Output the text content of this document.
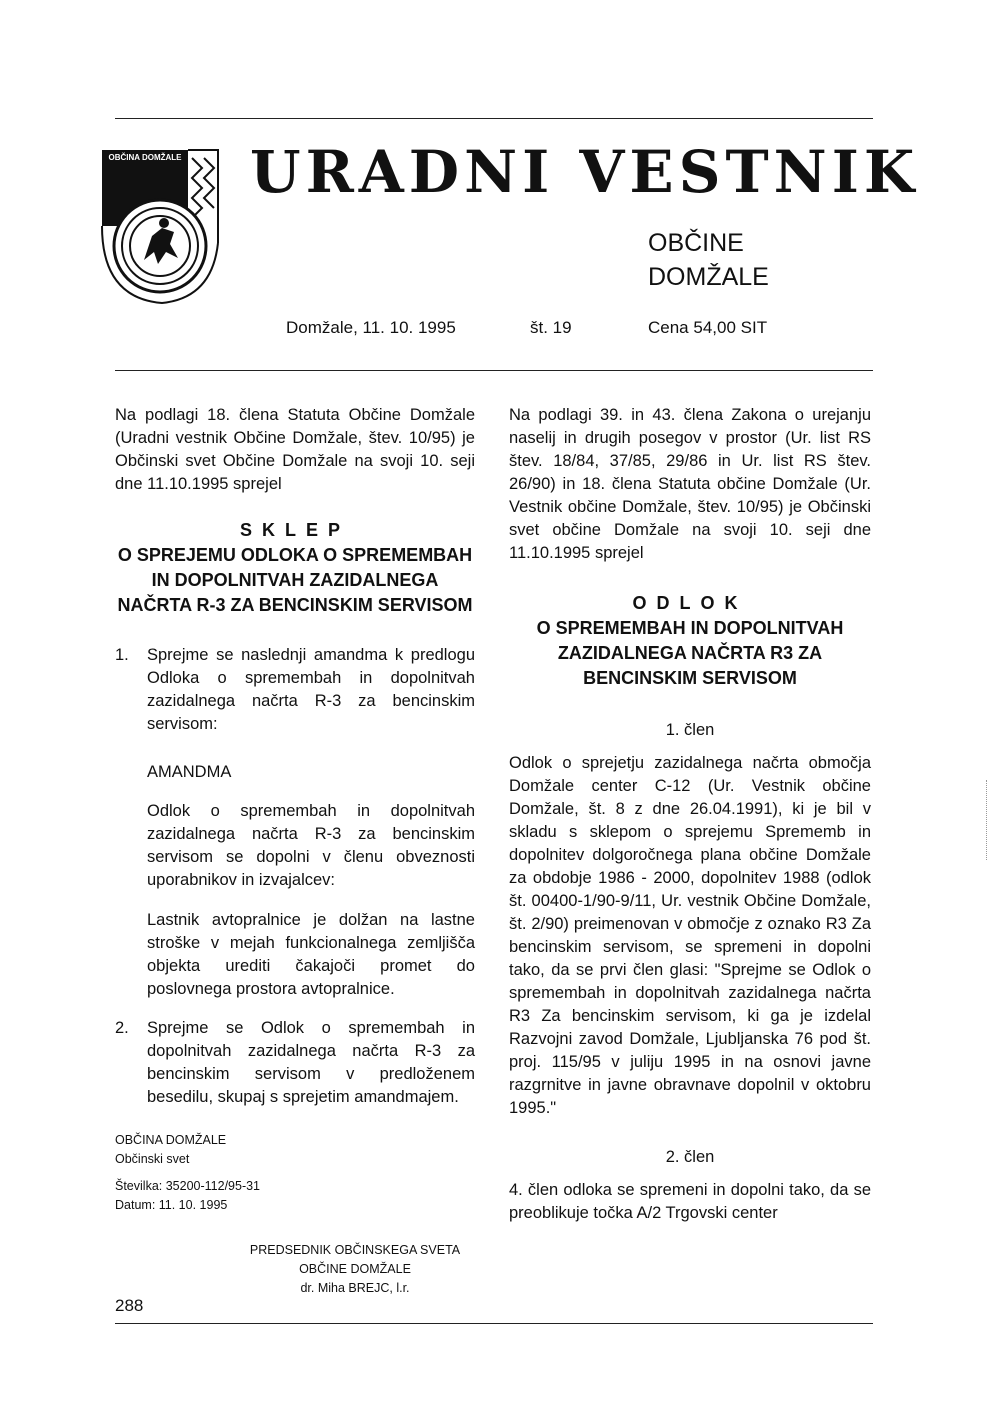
OBČINA DOMŽALE URADNI VESTNIK
OBČINE
DOMŽALE
Domžale, 11. 10. 1995	št. 19	Cena 54,00 SIT

Na podlagi 18. člena Statuta Občine Domžale (Uradni vestnik Občine Domžale, štev. 10/95) je Občinski svet Občine Domžale na svoji 10. seji dne 11.10.1995 sprejel

SKLEP

O SPREJEMU ODLOKA O SPREMEMBAH IN DOPOLNITVAH ZAZIDALNEGA NAČRTA R-3 ZA BENCINSKIM SERVISOM

1.	Sprejme se naslednji amandma k predlogu Odloka o spremembah in dopolnitvah zazidalnega načrta R-3 za bencinskim servisom:

AMANDMA

Odlok o spremembah in dopolnitvah zazidalnega načrta R-3 za bencinskim servisom se dopolni v členu obveznosti uporabnikov in izvajalcev:

Lastnik avtopralnice je dolžan na lastne stroške v mejah funkcionalnega zemljišča objekta urediti čakajoči promet do poslovnega prostora avtopralnice.

2.	Sprejme se Odlok o spremembah in dopolnitvah zazidalnega načrta R-3 za bencinskim servisom v predloženem besedilu, skupaj s sprejetim amandmajem.
OBČINA DOMŽALE
Občinski svet
Številka: 35200-112/95-31
Datum: 11. 10. 1995
PREDSEDNIK OBČINSKEGA SVETA
OBČINE DOMŽALE
dr. Miha BREJC, l.r.

Na podlagi 39. in 43. člena Zakona o urejanju naselij in drugih posegov v prostor (Ur. list RS štev. 18/84, 37/85, 29/86 in Ur. list RS štev. 26/90) in 18. člena Statuta občine Domžale (Ur. Vestnik občine Domžale, štev. 10/95) je Občinski svet občine Domžale na svoji 10. seji dne 11.10.1995 sprejel

ODLOK

O SPREMEMBAH IN DOPOLNITVAH ZAZIDALNEGA NAČRTA R3 ZA BENCINSKIM SERVISOM

1. člen

Odlok o sprejetju zazidalnega načrta območja Domžale center C-12 (Ur. Vestnik občine Domžale, št. 8 z dne 26.04.1991), ki je bil v skladu s sklepom o sprejemu Sprememb in dopolnitev dolgoročnega plana občine Domžale za obdobje 1986 - 2000, dopolnitev 1988 (odlok št. 00400-1/90-9/11, Ur. vestnik Občine Domžale, št. 2/90) preimenovan v območje z oznako R3 Za bencinskim servisom, se spremeni in dopolni tako, da se prvi člen glasi: "Sprejme se Odlok o spremembah in dopolnitvah zazidalnega načrta R3 Za bencinskim servisom, ki ga je izdelal Razvojni zavod Domžale, Ljubljanska 76 pod št. proj. 115/95 v juliju 1995 in na osnovi javne razgrnitve in javne obravnave dopolnil v oktobru 1995."

2. člen

4. člen odloka se spremeni in dopolni tako, da se preoblikuje točka A/2 Trgovski center

288
